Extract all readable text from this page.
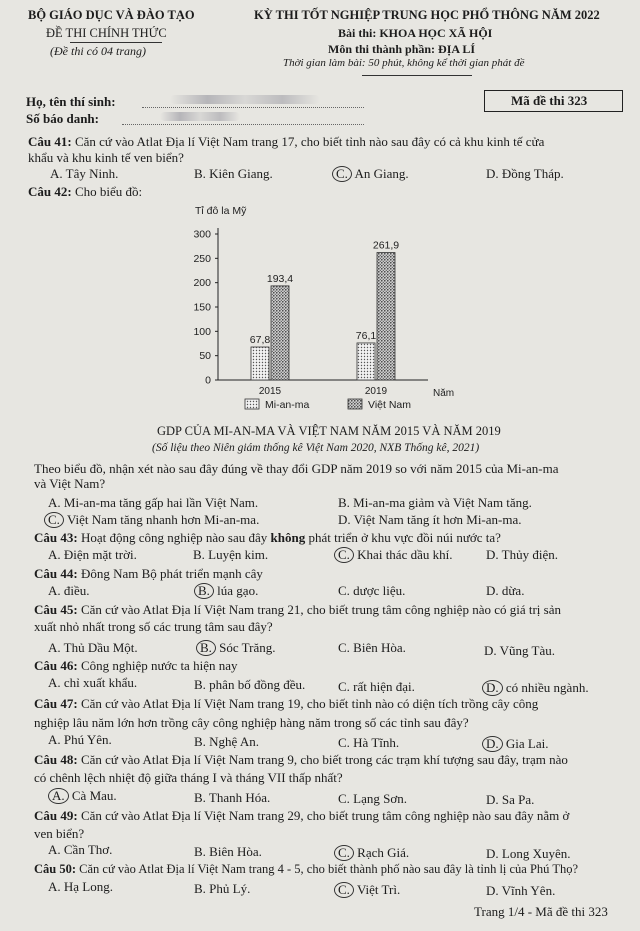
BỘ GIÁO DỤC VÀ ĐÀO TẠO
ĐỀ THI CHÍNH THỨC
(Đề thi có 04 trang)
KỲ THI TỐT NGHIỆP TRUNG HỌC PHỔ THÔNG NĂM 2022
Bài thi: KHOA HỌC XÃ HỘI
Môn thi thành phần: ĐỊA LÍ
Thời gian làm bài: 50 phút, không kể thời gian phát đề
Họ, tên thí sinh:
Số báo danh:
Mã đề thi 323
Câu 41: Căn cứ vào Atlat Địa lí Việt Nam trang 17, cho biết tỉnh nào sau đây có cả khu kinh tế cửa
khẩu và khu kinh tế ven biển?
A. Tây Ninh.	B. Kiên Giang.	C. An Giang.	D. Đồng Tháp.
Câu 42: Cho biểu đồ:
Tỉ đô la Mỹ
0
50
100
150
200
250
300
67,8
193,4
2015
76,1
261,9
2019	Năm
Mi-an-ma	Việt Nam
GDP CỦA MI-AN-MA VÀ VIỆT NAM NĂM 2015 VÀ NĂM 2019
(Số liệu theo Niên giám thống kê Việt Nam 2020, NXB Thống kê, 2021)
Theo biểu đồ, nhận xét nào sau đây đúng về thay đổi GDP năm 2019 so với năm 2015 của Mi-an-ma
và Việt Nam?
A. Mi-an-ma tăng gấp hai lần Việt Nam.	B. Mi-an-ma giảm và Việt Nam tăng.
C. Việt Nam tăng nhanh hơn Mi-an-ma.	D. Việt Nam tăng ít hơn Mi-an-ma.
Câu 43: Hoạt động công nghiệp nào sau đây không phát triển ở khu vực đồi núi nước ta?
A. Điện mặt trời.	B. Luyện kim.	C. Khai thác dầu khí.	D. Thủy điện.
Câu 44: Đông Nam Bộ phát triển mạnh cây
A. điều.	B. lúa gạo.	C. dược liệu.	D. dừa.
Câu 45: Căn cứ vào Atlat Địa lí Việt Nam trang 21, cho biết trung tâm công nghiệp nào có giá trị sản
xuất nhỏ nhất trong số các trung tâm sau đây?
A. Thủ Dầu Một.	B. Sóc Trăng.	C. Biên Hòa.	D. Vũng Tàu.
Câu 46: Công nghiệp nước ta hiện nay
A. chỉ xuất khẩu.	B. phân bố đồng đều.	C. rất hiện đại.	D. có nhiều ngành.
Câu 47: Căn cứ vào Atlat Địa lí Việt Nam trang 19, cho biết tỉnh nào có diện tích trồng cây công
nghiệp lâu năm lớn hơn trồng cây công nghiệp hàng năm trong số các tỉnh sau đây?
A. Phú Yên.	B. Nghệ An.	C. Hà Tĩnh.	D. Gia Lai.
Câu 48: Căn cứ vào Atlat Địa lí Việt Nam trang 9, cho biết trong các trạm khí tượng sau đây, trạm nào
có chênh lệch nhiệt độ giữa tháng I và tháng VII thấp nhất?
A. Cà Mau.	B. Thanh Hóa.	C. Lạng Sơn.	D. Sa Pa.
Câu 49: Căn cứ vào Atlat Địa lí Việt Nam trang 29, cho biết trung tâm công nghiệp nào sau đây nằm ở
ven biển?
A. Cần Thơ.	B. Biên Hòa.	C. Rạch Giá.	D. Long Xuyên.
Câu 50: Căn cứ vào Atlat Địa lí Việt Nam trang 4 - 5, cho biết thành phố nào sau đây là tỉnh lị của Phú Thọ?
A. Hạ Long.	B. Phủ Lý.	C. Việt Trì.	D. Vĩnh Yên.
Trang 1/4 - Mã đề thi 323
